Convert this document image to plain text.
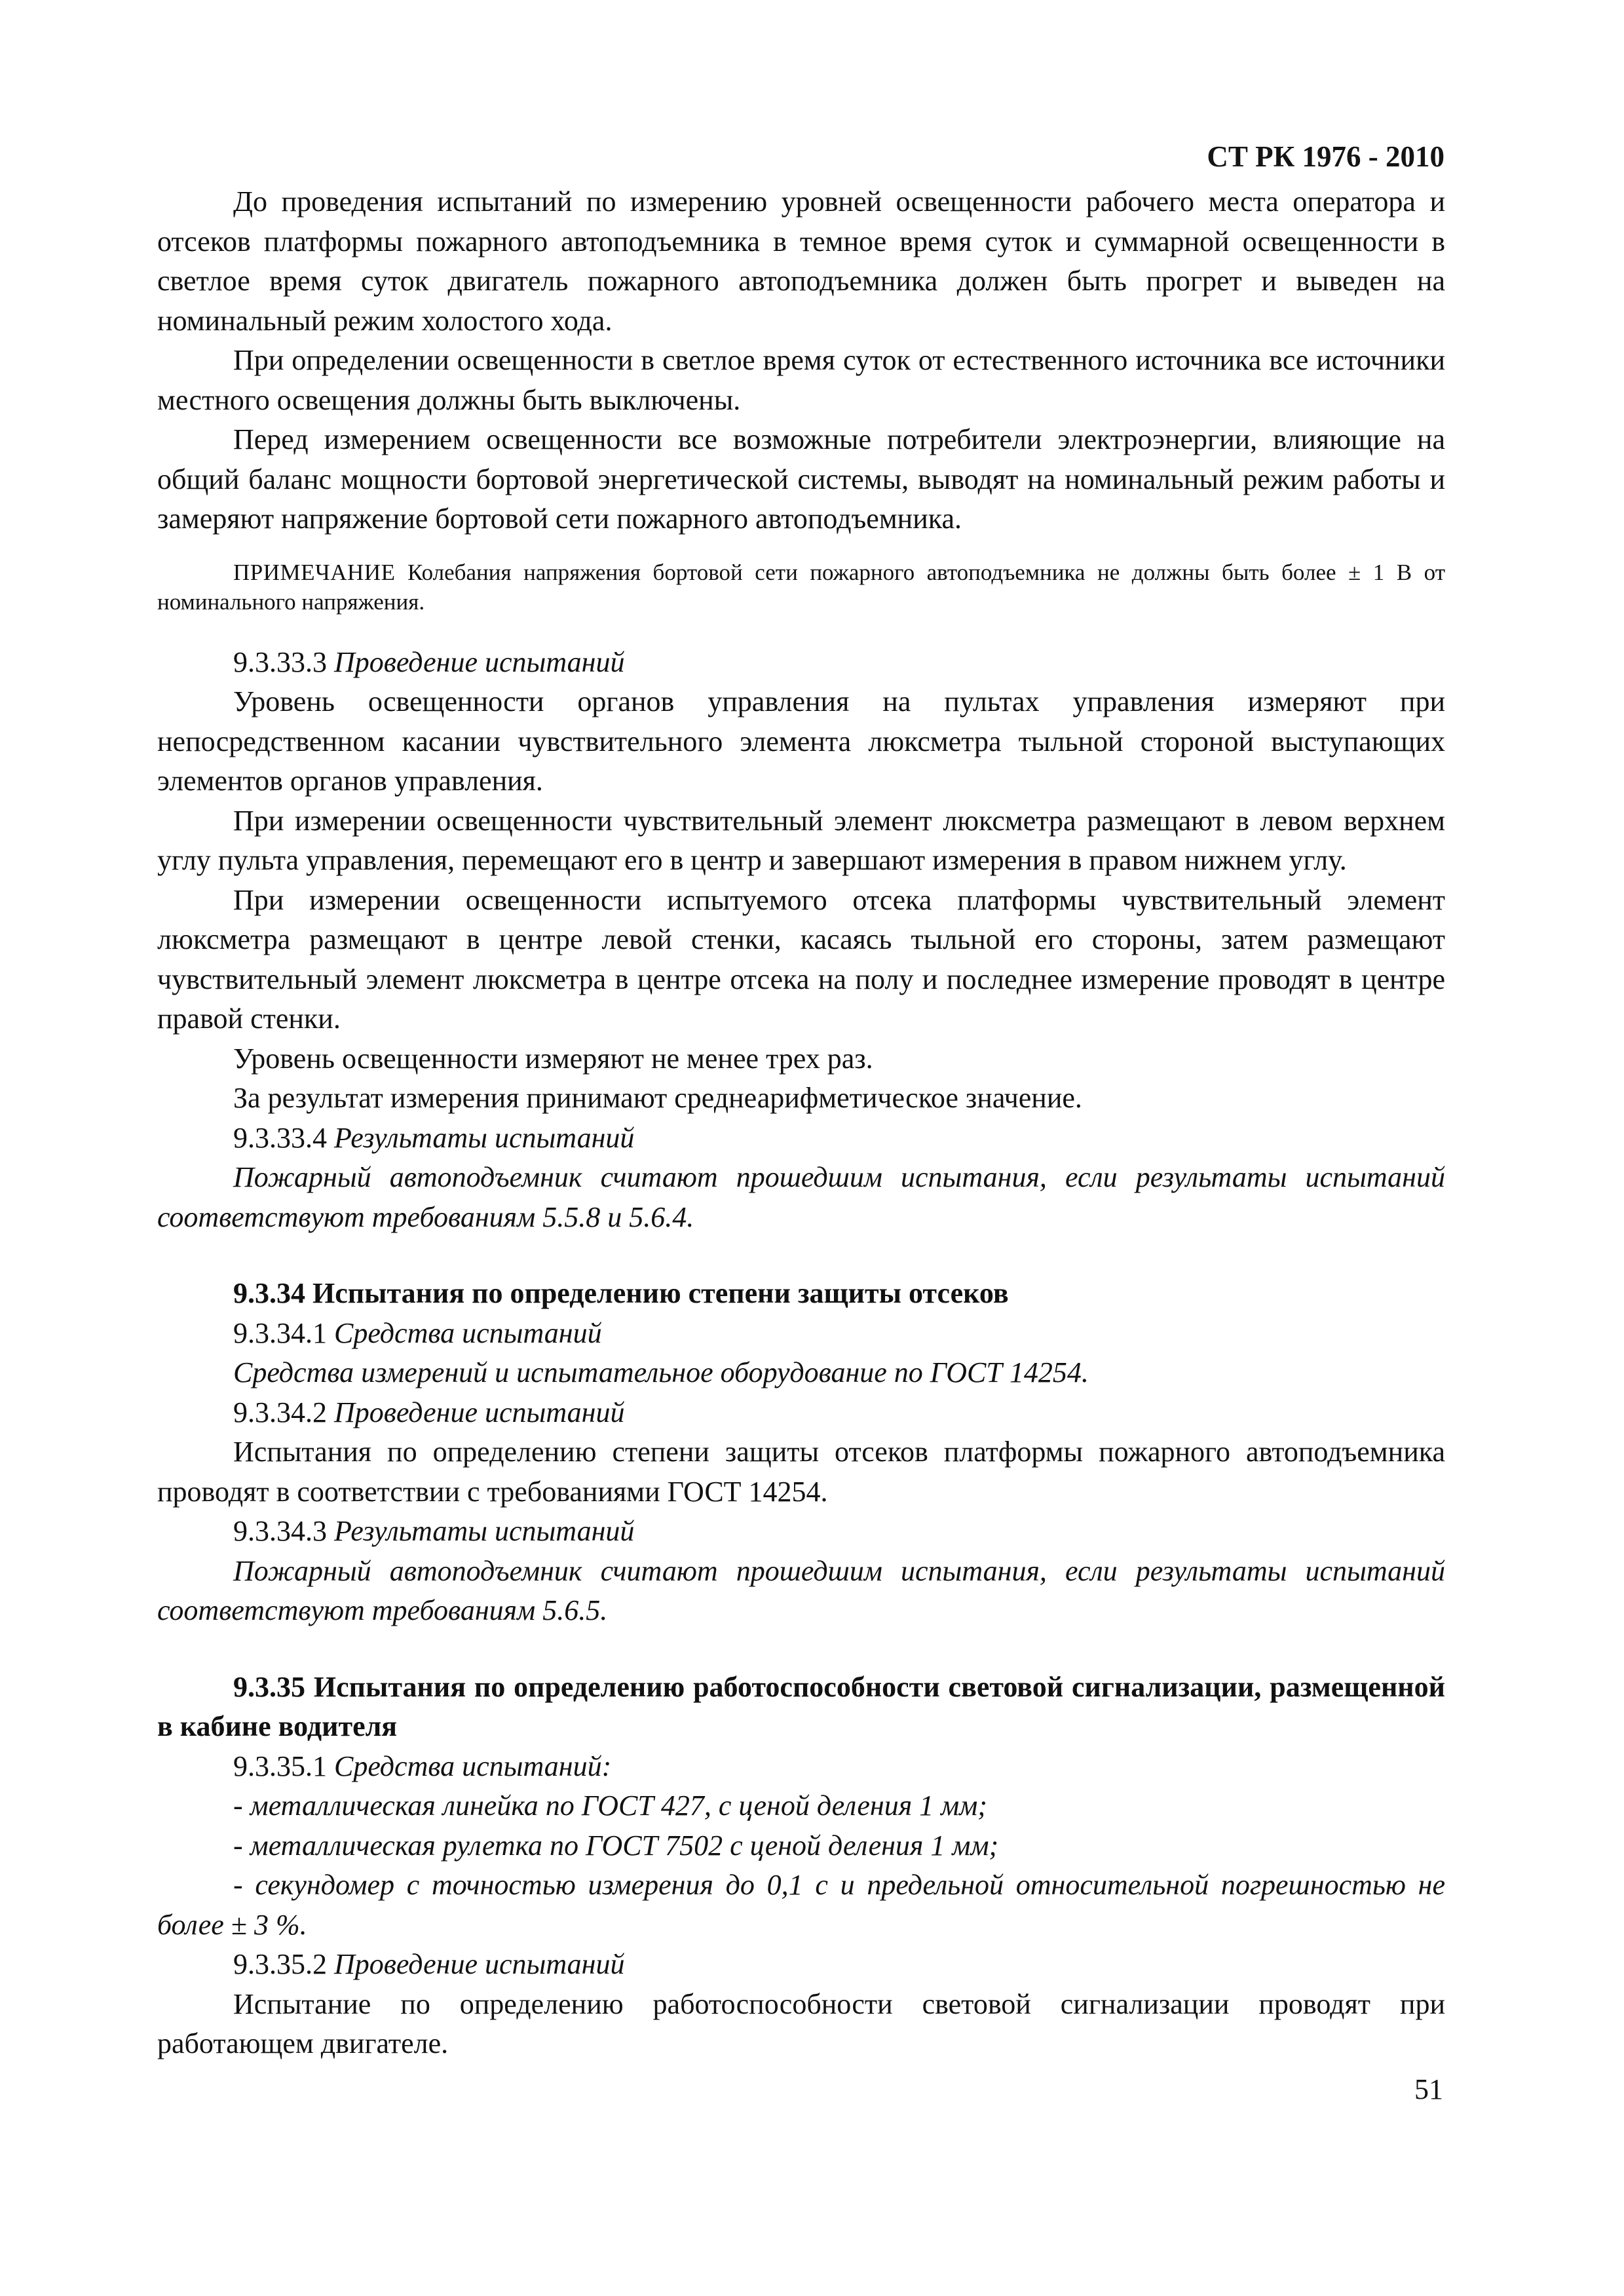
СТ РК 1976 - 2010

До проведения испытаний по измерению уровней освещенности рабочего места оператора и отсеков платформы пожарного автоподъемника в темное время суток и суммарной освещенности в светлое время суток двигатель пожарного автоподъемника должен быть прогрет и выведен на номинальный режим холостого хода.

При определении освещенности в светлое время суток от естественного источника все источники местного освещения должны быть выключены.

Перед измерением освещенности все возможные потребители электроэнергии, влияющие на общий баланс мощности бортовой энергетической системы, выводят на номинальный режим работы и замеряют напряжение бортовой сети пожарного автоподъемника.

ПРИМЕЧАНИЕ Колебания напряжения бортовой сети пожарного автоподъемника не должны быть более ± 1 В от номинального напряжения.

9.3.33.3 Проведение испытаний

Уровень освещенности органов управления на пультах управления измеряют при непосредственном касании чувствительного элемента люксметра тыльной стороной выступающих элементов органов управления.

При измерении освещенности чувствительный элемент люксметра размещают в левом верхнем углу пульта управления, перемещают его в центр и завершают измерения в правом нижнем углу.

При измерении освещенности испытуемого отсека платформы чувствительный элемент люксметра размещают в центре левой стенки, касаясь тыльной его стороны, затем размещают чувствительный элемент люксметра в центре отсека на полу и последнее измерение проводят в центре правой стенки.

Уровень освещенности измеряют не менее трех раз.

За результат измерения принимают среднеарифметическое значение.

9.3.33.4 Результаты испытаний

Пожарный автоподъемник считают прошедшим испытания, если результаты испытаний соответствуют требованиям 5.5.8 и 5.6.4.

9.3.34 Испытания по определению степени защиты отсеков

9.3.34.1 Средства испытаний

Средства измерений и испытательное оборудование по ГОСТ 14254.

9.3.34.2 Проведение испытаний

Испытания по определению степени защиты отсеков платформы пожарного автоподъемника проводят в соответствии с требованиями ГОСТ 14254.

9.3.34.3 Результаты испытаний

Пожарный автоподъемник считают прошедшим испытания, если результаты испытаний соответствуют требованиям 5.6.5.

9.3.35 Испытания по определению работоспособности световой сигнализации, размещенной в кабине водителя

9.3.35.1 Средства испытаний:

- металлическая линейка по ГОСТ 427, с ценой деления 1 мм;

- металлическая рулетка по ГОСТ 7502 с ценой деления 1 мм;

- секундомер с точностью измерения до 0,1 с и предельной относительной погрешностью не более ± 3 %.

9.3.35.2 Проведение испытаний

Испытание по определению работоспособности световой сигнализации проводят при работающем двигателе.

51
